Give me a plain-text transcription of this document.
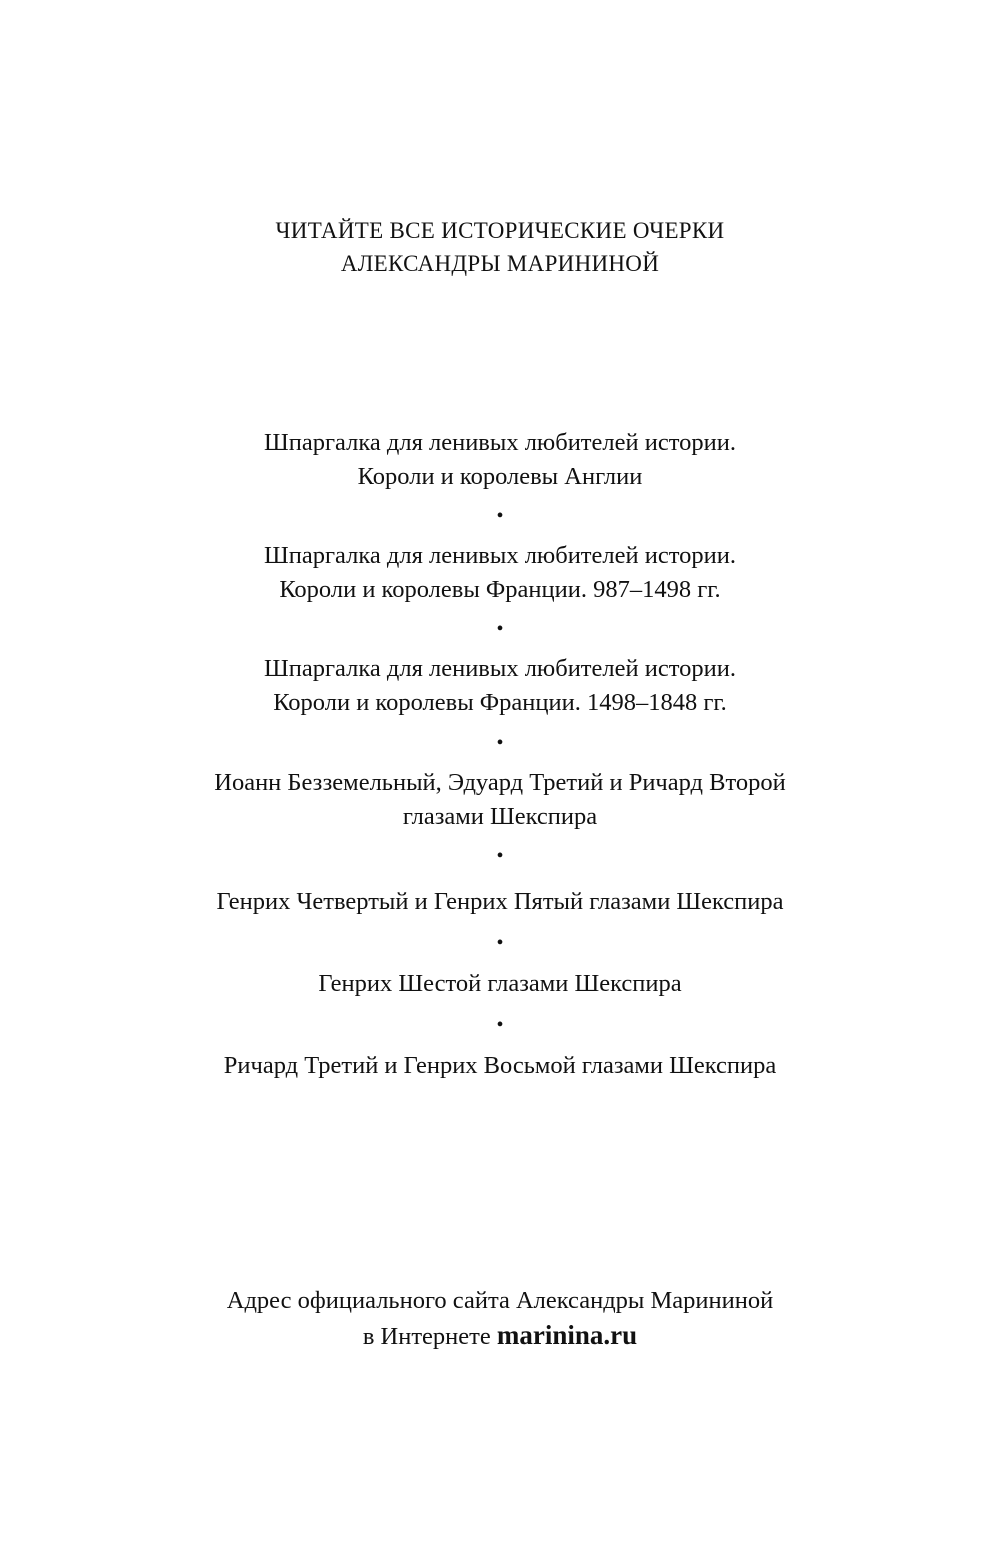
ЧИТАЙТЕ ВСЕ ИСТОРИЧЕСКИЕ ОЧЕРКИ
АЛЕКСАНДРЫ МАРИНИНОЙ
Шпаргалка для ленивых любителей истории.
Короли и королевы Англии
•
Шпаргалка для ленивых любителей истории.
Короли и королевы Франции. 987–1498 гг.
•
Шпаргалка для ленивых любителей истории.
Короли и королевы Франции. 1498–1848 гг.
•
Иоанн Безземельный, Эдуард Третий и Ричард Второй
глазами Шекспира
•
Генрих Четвертый и Генрих Пятый глазами Шекспира
•
Генрих Шестой глазами Шекспира
•
Ричард Третий и Генрих Восьмой глазами Шекспира
Адрес официального сайта Александры Марининой
в Интернете marinina.ru
